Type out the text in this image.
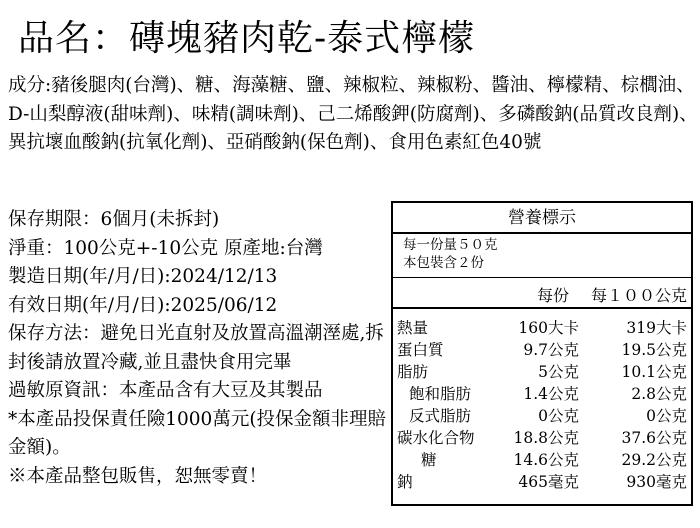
品名：磚塊豬肉乾-泰式檸檬
成分:豬後腿肉(台灣)、糖、海藻糖、鹽、辣椒粒、辣椒粉、醬油、檸檬精、棕櫚油、D-山梨醇液(甜味劑)、味精(調味劑)、己二烯酸鉀(防腐劑)、多磷酸鈉(品質改良劑)、異抗壞血酸鈉(抗氧化劑)、亞硝酸鈉(保色劑)、食用色素紅色40號
保存期限：6個月(未拆封)
淨重：100公克+-10公克 原產地:台灣
製造日期(年/月/日):2024/12/13
有效日期(年/月/日):2025/06/12
保存方法：避免日光直射及放置高溫潮溼處,拆封後請放置冷藏,並且盡快食用完畢
過敏原資訊：本產品含有大豆及其製品
*本產品投保責任險1000萬元(投保金額非理賠金額)。
※本產品整包販售，恕無零賣！
營養標示
每一份量５０克
本包裝含２份
每份 每１００公克
熱量	160大卡	319大卡
蛋白質	9.7公克	19.5公克
脂肪	5公克	10.1公克
飽和脂肪	1.4公克	2.8公克
反式脂肪	0公克	0公克
碳水化合物	18.8公克	37.6公克
糖	14.6公克	29.2公克
鈉	465毫克	930毫克
